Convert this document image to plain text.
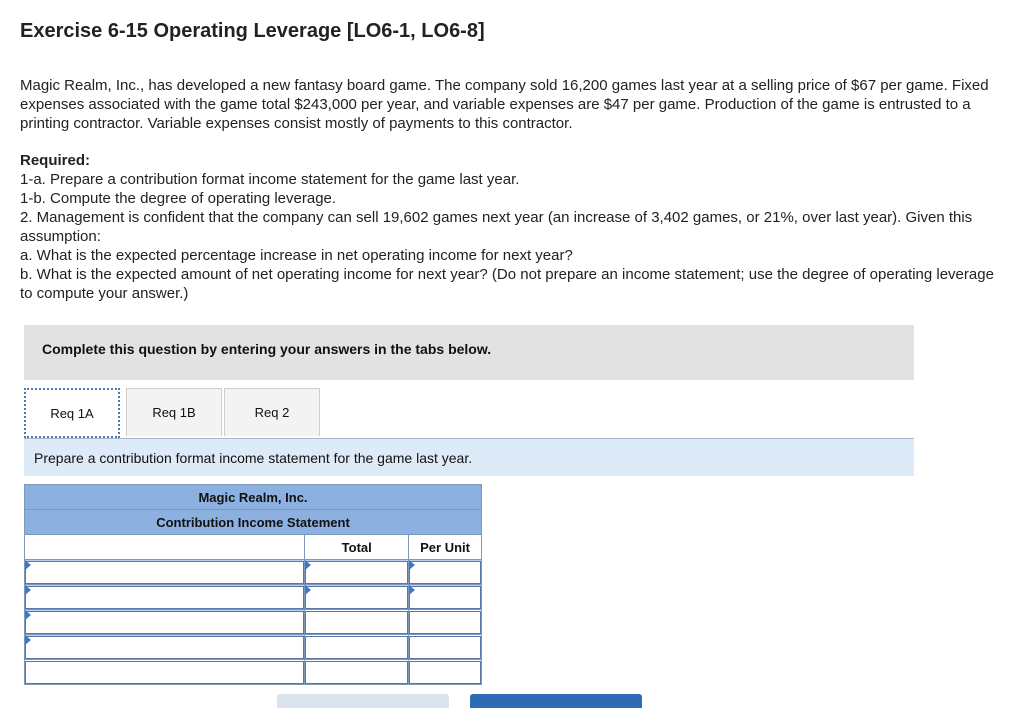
Exercise 6-15 Operating Leverage [LO6-1, LO6-8]

Magic Realm, Inc., has developed a new fantasy board game. The company sold 16,200 games last year at a selling price of $67 per game. Fixed expenses associated with the game total $243,000 per year, and variable expenses are $47 per game. Production of the game is entrusted to a printing contractor. Variable expenses consist mostly of payments to this contractor.

Required:

1-a. Prepare a contribution format income statement for the game last year.

1-b. Compute the degree of operating leverage.

2. Management is confident that the company can sell 19,602 games next year (an increase of 3,402 games, or 21%, over last year). Given this assumption:

a. What is the expected percentage increase in net operating income for next year?

b. What is the expected amount of net operating income for next year? (Do not prepare an income statement; use the degree of operating leverage to compute your answer.)

Complete this question by entering your answers in the tabs below.
Req 1A	Req 1B	Req 2
Prepare a contribution format income statement for the game last year.
Magic Realm, Inc.		
Contribution Income Statement		
	Total	Per Unit
